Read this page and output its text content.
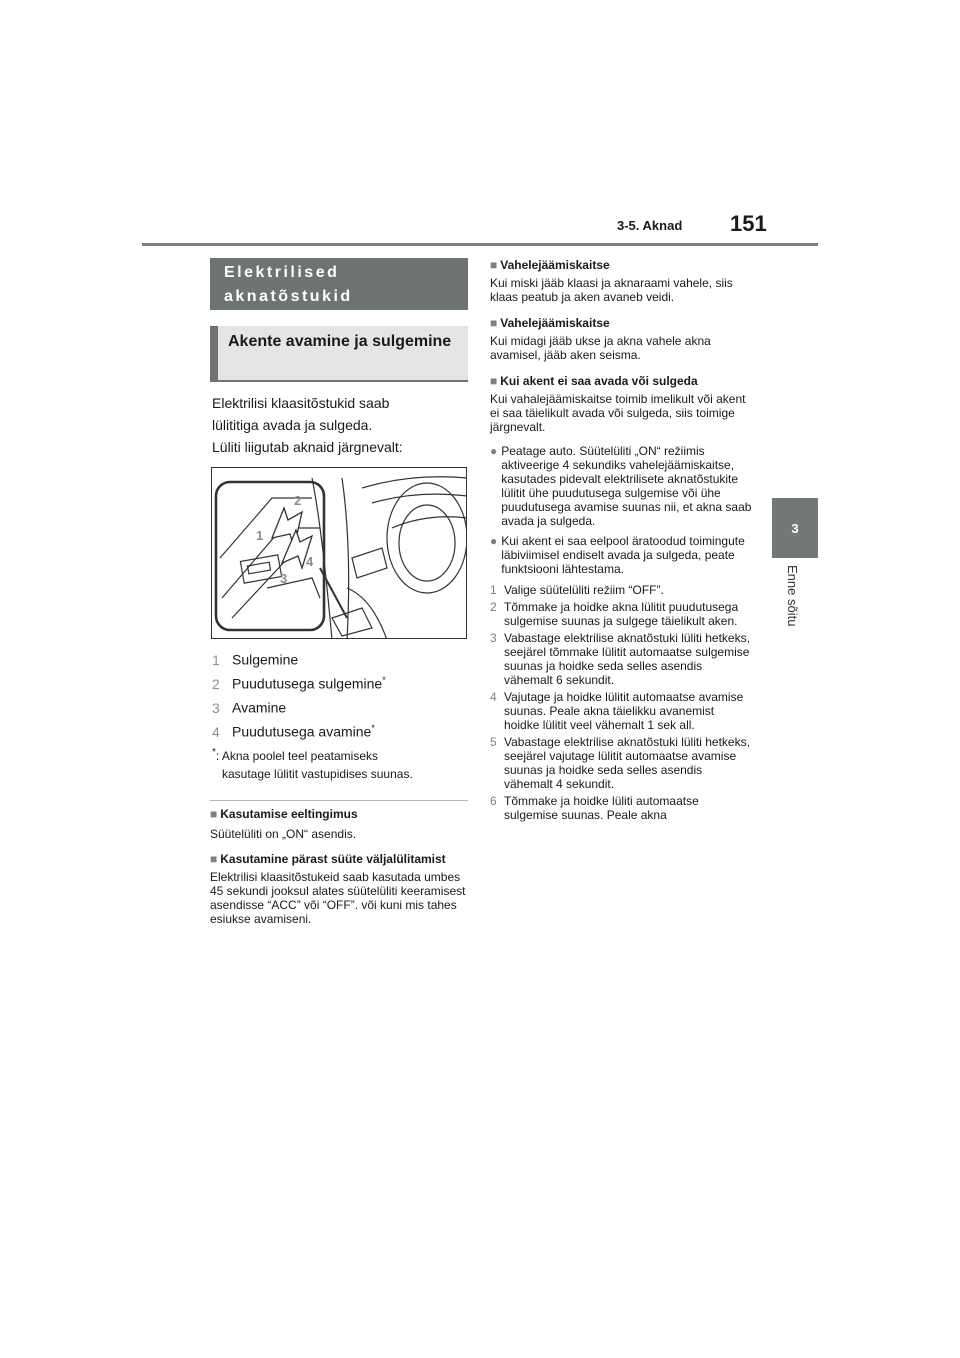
3-5. Aknad 151
3
Enne sõitu
Elektrilised aknatõstukid
Akente avamine ja sulgemine

Elektrilisi klaasitõstukid saab

lülititiga avada ja sulgeda.

Lüliti liigutab aknaid järgnevalt:

1
2
3
4
1 Sulgemine
2 Puudutusega sulgemine*
3 Avamine
4 Puudutusega avamine*
*: Akna poolel teel peatamiseks
kasutage lülitit vastupidises suunas.
■ Kasutamise eeltingimus

Süütelüliti on „ON“ asendis.

■ Kasutamine pärast süüte väljalülitamist

Elektrilisi klaasitõstukeid saab kasutada umbes 45 sekundi jooksul alates süütelüliti keeramisest asendisse “ACC” või “OFF”. või kuni mis tahes esiukse avamiseni.

■ Vahelejäämiskaitse

Kui miski jääb klaasi ja aknaraami vahele, siis klaas peatub ja aken avaneb veidi.

■ Vahelejäämiskaitse

Kui midagi jääb ukse ja akna vahele akna avamisel, jääb aken seisma.

■ Kui akent ei saa avada või sulgeda

Kui vahalejäämiskaitse toimib imelikult või akent ei saa täielikult avada või sulgeda, siis toimige järgnevalt.

● Peatage auto. Süütelüliti „ON“ režiimis aktiveerige 4 sekundiks vahelejäämiskaitse, kasutades pidevalt elektrilisete aknatõstukite lülitit ühe puudutusega sulgemise või ühe puudutusega avamise suunas nii, et akna saab avada ja sulgeda.
● Kui akent ei saa eelpool äratoodud toimingute läbiviimisel endiselt avada ja sulgeda, peate funktsiooni lähtestama.
1 Valige süütelüliti režiim “OFF”.
2 Tõmmake ja hoidke akna lülitit puudutusega sulgemise suunas ja sulgege täielikult aken.
3 Vabastage elektrilise aknatõstuki lüliti hetkeks, seejärel tõmmake lülitit automaatse sulgemise suunas ja hoidke seda selles asendis vähemalt 6 sekundit.
4 Vajutage ja hoidke lülitit automaatse avamise suunas. Peale akna täielikku avanemist hoidke lülitit veel vähemalt 1 sek all.
5 Vabastage elektrilise aknatõstuki lüliti hetkeks, seejärel vajutage lülitit automaatse avamise suunas ja hoidke seda selles asendis vähemalt 4 sekundit.
6 Tõmmake ja hoidke lüliti automaatse sulgemise suunas. Peale akna
